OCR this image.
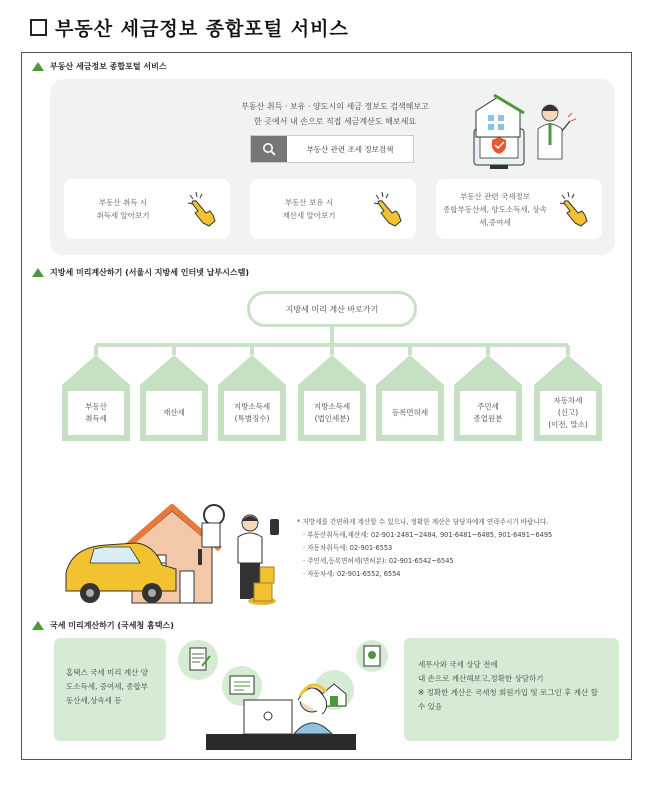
부동산 세금정보 종합포털 서비스
부동산 세금정보 종합포털 서비스
부동산 취득 · 보유 · 양도시의 세금 정보도 검색해보고
한 곳에서 내 손으로 직접 세금계산도 해보세요
부동산 관련 조세 정보검색
부동산 취득 시
취득세 알아보기
부동산 보유 시
재산세 알아보기
부동산 관련 국세정보
종합부동산세, 양도소득세, 상속
세,증여세
지방세 미리계산하기 (서울시 지방세 인터넷 납부시스템)
지방세 미리 계산 바로가기
부동산
취득세
재산세
지방소득세
(특별징수)
지방소득세
(법인세분)
등록면허세
주민세
종업원분
자동차세
(신고)
(이전, 말소)
* 지방세를 간편하게 계산할 수 있으나, 정확한 계산은 담당자에게 연락주시기 바랍니다.
· 부동산취득세,재산세: 02-901-2481~2484, 901-6481~6485, 901-6491~6495
· 자동차취득세: 02-901-6553
· 주민세,등록면허세(면허분): 02-901-6542~6545
· 자동차세: 02-901-6552, 6554
국세 미리계산하기 (국세청 홈택스)
홈택스 국세 미리 계산 양
도소득세, 증여세, 종합부
동산세,상속세 등
세무사와 국세 상담 전에
내 손으로 계산해보고,정확한 상담하기
※ 정확한 계산은 국세청 회원가입 및 로그인 후 계산 할
수 있음
